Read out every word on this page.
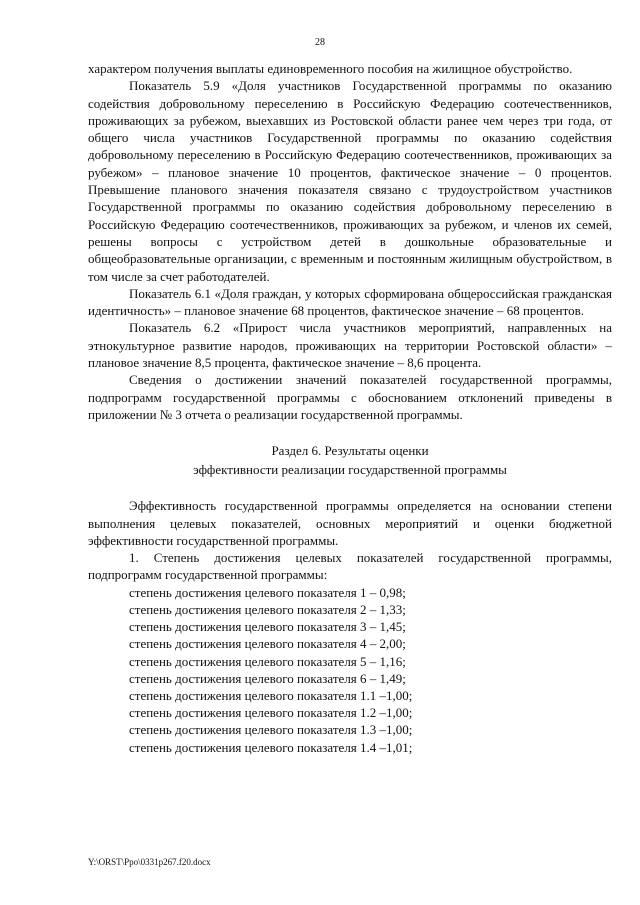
28

характером получения выплаты единовременного пособия на жилищное обустройство.

Показатель 5.9 «Доля участников Государственной программы по оказанию содействия добровольному переселению в Российскую Федерацию соотечественников, проживающих за рубежом, выехавших из Ростовской области ранее чем через три года, от общего числа участников Государственной программы по оказанию содействия добровольному переселению в Российскую Федерацию соотечественников, проживающих за рубежом» – плановое значение 10 процентов, фактическое значение – 0 процентов. Превышение планового значения показателя связано с трудоустройством участников Государственной программы по оказанию содействия добровольному переселению в Российскую Федерацию соотечественников, проживающих за рубежом, и членов их семей, решены вопросы с устройством детей в дошкольные образовательные и общеобразовательные организации, с временным и постоянным жилищным обустройством, в том числе за счет работодателей.

Показатель 6.1 «Доля граждан, у которых сформирована общероссийская гражданская идентичность» – плановое значение 68 процентов, фактическое значение – 68 процентов.

Показатель 6.2 «Прирост числа участников мероприятий, направленных на этнокультурное развитие народов, проживающих на территории Ростовской области» – плановое значение 8,5 процента, фактическое значение – 8,6 процента.

Сведения о достижении значений показателей государственной программы, подпрограмм государственной программы с обоснованием отклонений приведены в приложении № 3 отчета о реализации государственной программы.

Раздел 6. Результаты оценки
эффективности реализации государственной программы

Эффективность государственной программы определяется на основании степени выполнения целевых показателей, основных мероприятий и оценки бюджетной эффективности государственной программы.

1. Степень достижения целевых показателей государственной программы, подпрограмм государственной программы:

степень достижения целевого показателя 1 – 0,98;
степень достижения целевого показателя 2 – 1,33;
степень достижения целевого показателя 3 – 1,45;
степень достижения целевого показателя 4 – 2,00;
степень достижения целевого показателя 5 – 1,16;
степень достижения целевого показателя 6 – 1,49;
степень достижения целевого показателя 1.1 –1,00;
степень достижения целевого показателя 1.2 –1,00;
степень достижения целевого показателя 1.3 –1,00;
степень достижения целевого показателя 1.4 –1,01;
Y:\ORST\Ppo\0331p267.f20.docx
